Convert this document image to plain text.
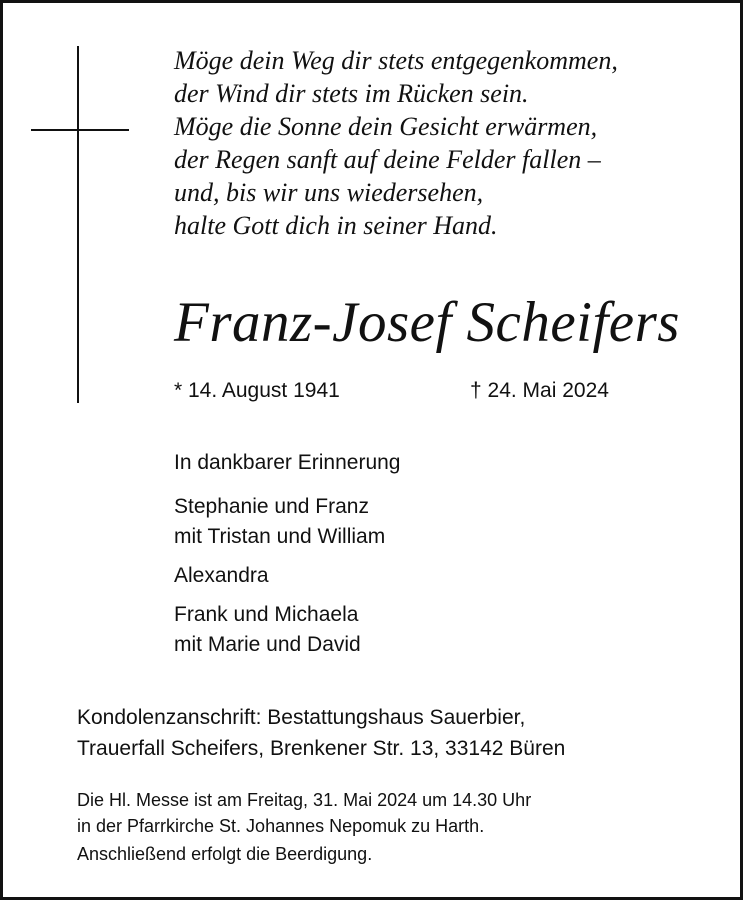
Möge dein Weg dir stets entgegenkommen,
der Wind dir stets im Rücken sein.
Möge die Sonne dein Gesicht erwärmen,
der Regen sanft auf deine Felder fallen –
und, bis wir uns wiedersehen,
halte Gott dich in seiner Hand.
Franz-Josef Scheifers
* 14. August 1941	† 24. Mai 2024
In dankbarer Erinnerung
Stephanie und Franz
mit Tristan und William
Alexandra
Frank und Michaela
mit Marie und David
Kondolenzanschrift: Bestattungshaus Sauerbier,
Trauerfall Scheifers, Brenkener Str. 13, 33142 Büren
Die Hl. Messe ist am Freitag, 31. Mai 2024 um 14.30 Uhr
in der Pfarrkirche St. Johannes Nepomuk zu Harth.
Anschließend erfolgt die Beerdigung.
